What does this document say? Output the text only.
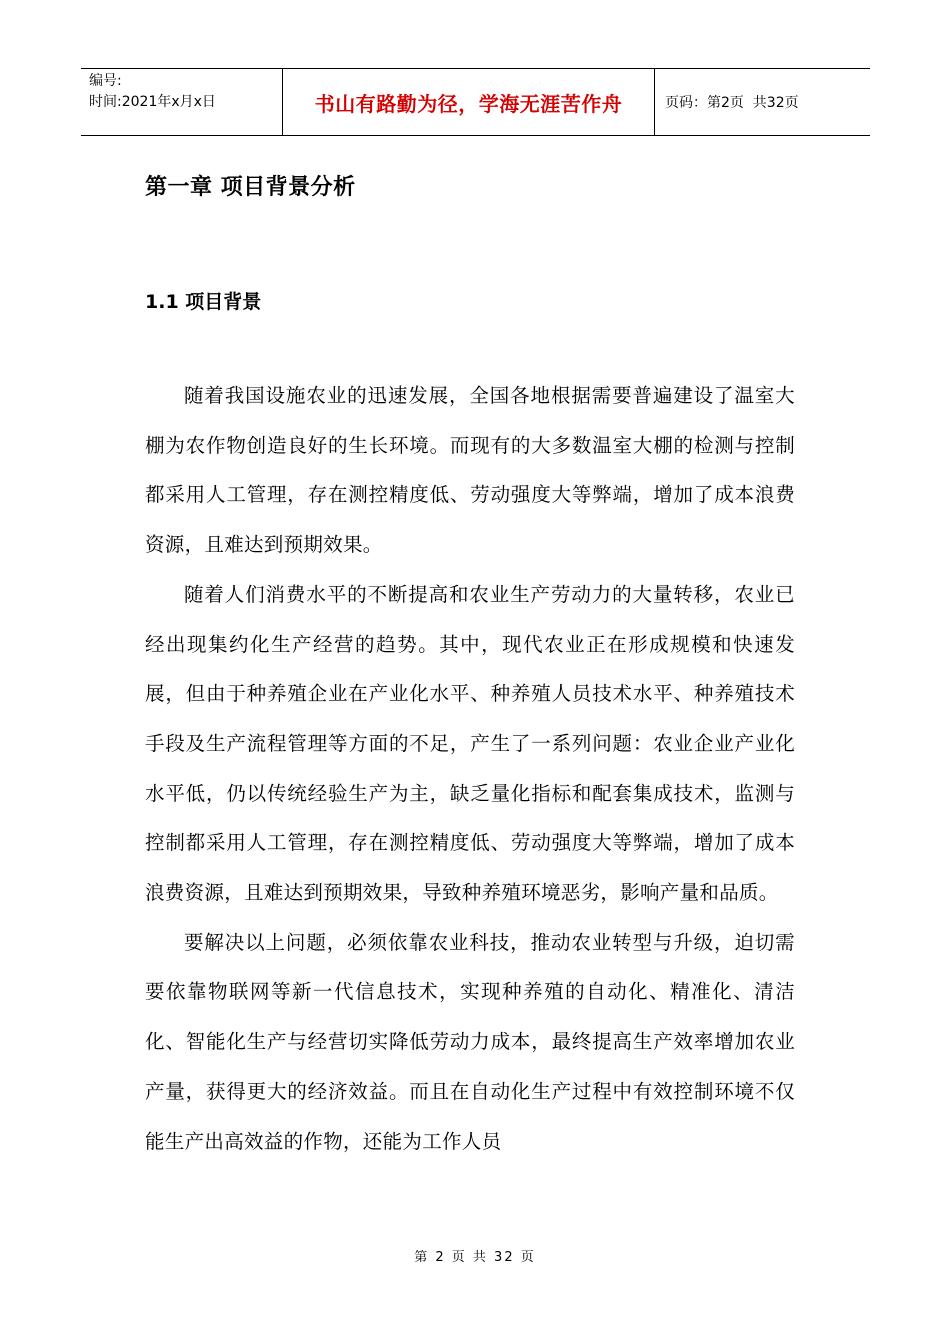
编号:
时间:2021年x月x日	书山有路勤为径，学海无涯苦作舟	页码： 第2页  共32页
第一章 项目背景分析
1.1 项目背景

随着我国设施农业的迅速发展，全国各地根据需要普遍建设了温室大棚为农作物创造良好的生长环境。而现有的大多数温室大棚的检测与控制都采用人工管理，存在测控精度低、劳动强度大等弊端，增加了成本浪费资源，且难达到预期效果。

随着人们消费水平的不断提高和农业生产劳动力的大量转移，农业已经出现集约化生产经营的趋势。其中，现代农业正在形成规模和快速发展，但由于种养殖企业在产业化水平、种养殖人员技术水平、种养殖技术手段及生产流程管理等方面的不足，产生了一系列问题：农业企业产业化水平低，仍以传统经验生产为主，缺乏量化指标和配套集成技术，监测与控制都采用人工管理，存在测控精度低、劳动强度大等弊端，增加了成本浪费资源，且难达到预期效果，导致种养殖环境恶劣，影响产量和品质。

要解决以上问题，必须依靠农业科技，推动农业转型与升级，迫切需要依靠物联网等新一代信息技术，实现种养殖的自动化、精准化、清洁化、智能化生产与经营切实降低劳动力成本，最终提高生产效率增加农业产量，获得更大的经济效益。而且在自动化生产过程中有效控制环境不仅能生产出高效益的作物，还能为工作人员

第 2 页 共 32 页
